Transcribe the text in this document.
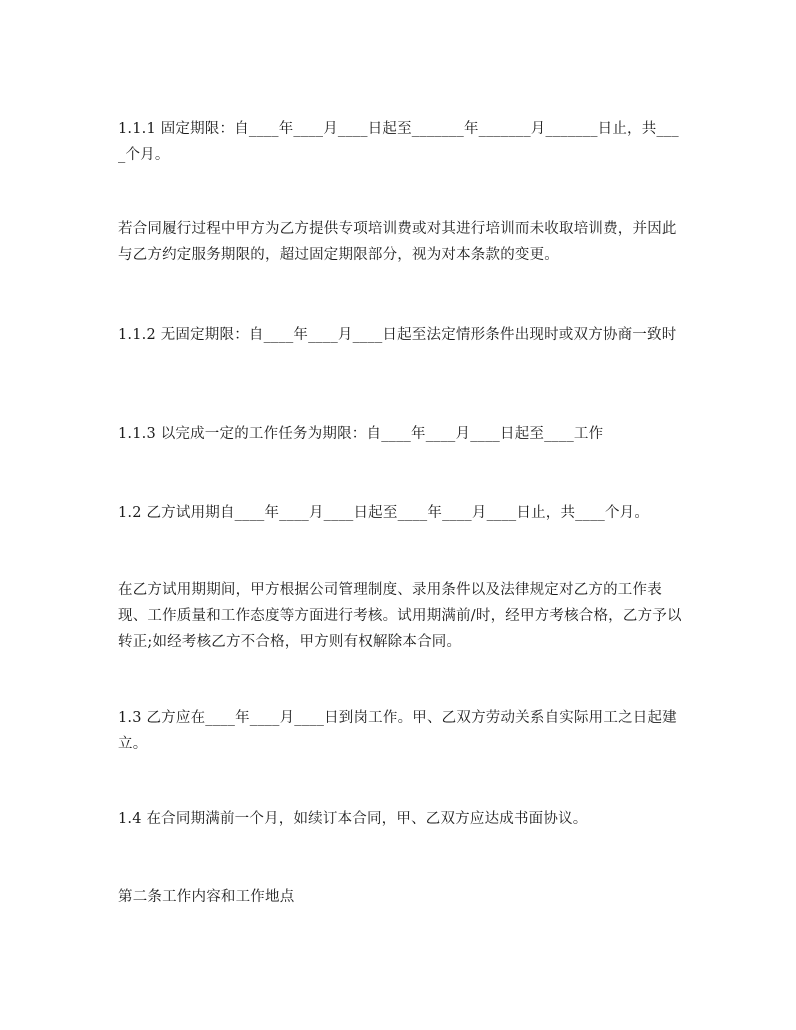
1.1.1 固定期限：自____年____月____日起至_______年_______月_______日止，共____个月。

若合同履行过程中甲方为乙方提供专项培训费或对其进行培训而未收取培训费，并因此与乙方约定服务期限的，超过固定期限部分，视为对本条款的变更。

1.1.2 无固定期限：自____年____月____日起至法定情形条件出现时或双方协商一致时

1.1.3 以完成一定的工作任务为期限：自____年____月____日起至____工作

1.2 乙方试用期自____年____月____日起至____年____月____日止，共____个月。

在乙方试用期期间，甲方根据公司管理制度、录用条件以及法律规定对乙方的工作表现、工作质量和工作态度等方面进行考核。试用期满前/时，经甲方考核合格，乙方予以转正;如经考核乙方不合格，甲方则有权解除本合同。

1.3 乙方应在____年____月____日到岗工作。甲、乙双方劳动关系自实际用工之日起建立。

1.4 在合同期满前一个月，如续订本合同，甲、乙双方应达成书面协议。

第二条工作内容和工作地点
